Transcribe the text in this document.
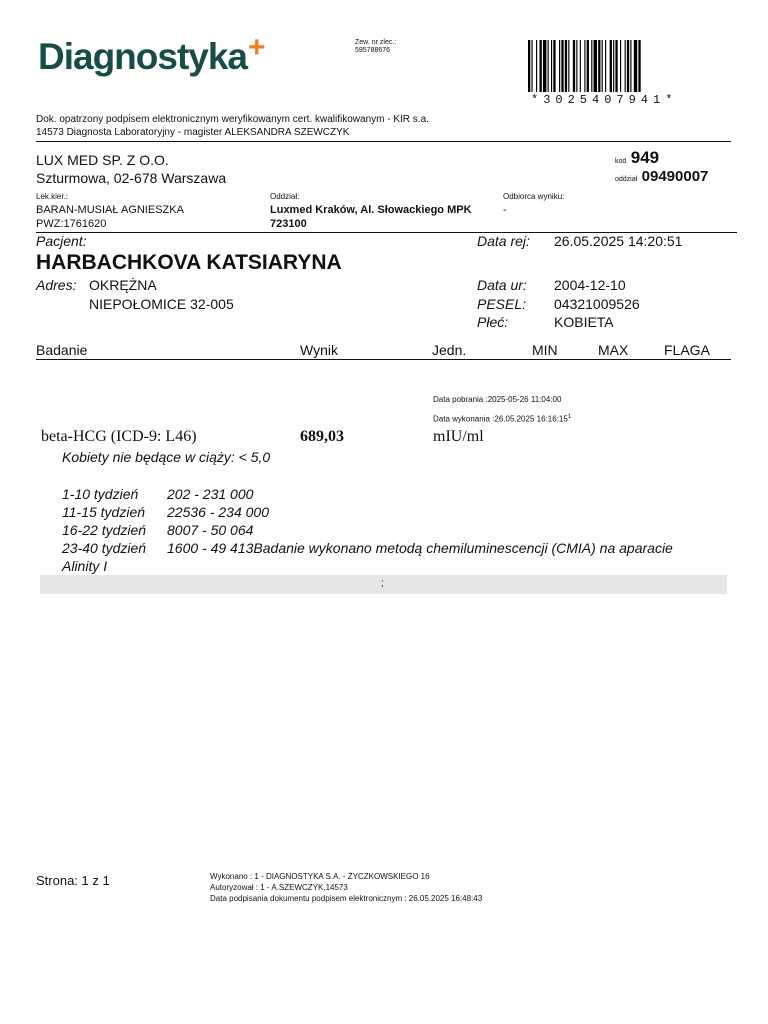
Diagnostyka+	Zew. nr zlec.:
595788676
*3025407941*
Dok. opatrzony podpisem elektronicznym weryfikowanym cert. kwalifikowanym - KIR s.a.
14573 Diagnosta Laboratoryjny - magister ALEKSANDRA SZEWCZYK
LUX MED SP. Z O.O.
Szturmowa, 02-678 Warszawa
kod 949
oddział 09490007
Lek.kier.:
BARAN-MUSIAŁ AGNIESZKA
PWZ:1761620
Oddział:
Luxmed Kraków, Al. Słowackiego MPK
723100
Odbiorca wyniku:
-
Pacjent:
HARBACHKOVA KATSIARYNA
Adres: OKRĘŻNA
NIEPOŁOMICE 32-005
Data rej: 26.05.2025 14:20:51
Data ur: 2004-12-10
PESEL: 04321009526
Płeć:	KOBIETA
Badanie	Wynik	Jedn.	MIN	MAX	FLAGA
Data pobrania :2025-05-26 11:04:00
Data wykonania :26.05.2025 $16:16:15^1$
beta-HCG (ICD-9: L46)	689,03	mIU/ml
Kobiety nie będące w ciąży: < 5,0
1-10 tydzień 202 - 231 000
11-15 tydzień 22536 - 234 000
16-22 tydzień 8007 - 50 064
23-40 tydzień 1600 - 49 413Badanie wykonano metodą chemiluminescencji (CMIA) na aparacie
Alinity I
;
Strona: 1 z 1	Wykonano : 1 - DIAGNOSTYKA S.A. - ŻYCZKOWSKIEGO 16
Autoryzował : 1 - A.SZEWCZYK,14573
Data podpisania dokumentu podpisem elektronicznym : 26.05.2025 16:48:43
